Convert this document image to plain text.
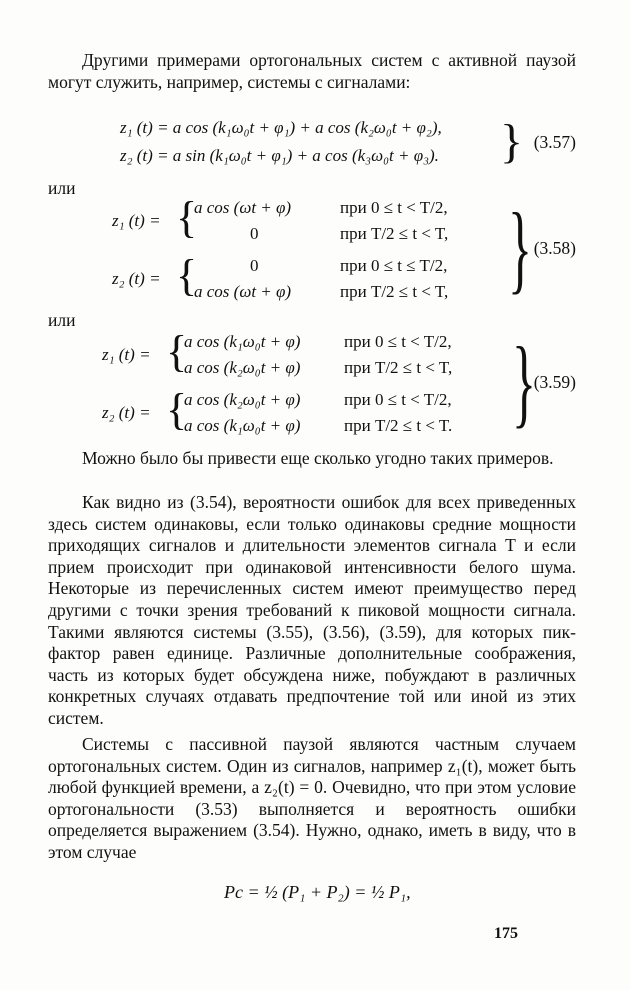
Другими примерами ортогональных систем с активной паузой могут служить, например, системы с сигналами:

z₁ (t) = a cos (k₁ω₀t + φ₁) + a cos (k₂ω₀t + φ₂),
z₂ (t) = a sin (k₁ω₀t + φ₁) + a cos (k₃ω₀t + φ₃). } (3.57)
или
z₁ (t) = {
a cos (ωt + φ)	при 0 ≤ t < T/2,
0	при T/2 ≤ t < T,
z₂ (t) = {	0	при 0 ≤ t ≤ T/2,
a cos (ωt + φ)	при T/2 ≤ t < T, } (3.58)
или
z₁ (t) = {
a cos (k₁ω₀t + φ)	при 0 ≤ t < T/2,
a cos (k₂ω₀t + φ)	при T/2 ≤ t < T,
z₂ (t) = {
a cos (k₂ω₀t + φ)	при 0 ≤ t < T/2,
a cos (k₁ω₀t + φ)	при T/2 ≤ t < T. }
(3.59)

Можно было бы привести еще сколько угодно таких примеров.

Как видно из (3.54), вероятности ошибок для всех приведенных здесь систем одинаковы, если только одинаковы средние мощности приходящих сигналов и длительности элементов сигнала T и если прием происходит при одинаковой интенсивности белого шума. Некоторые из перечисленных систем имеют преимущество перед другими с точки зрения требований к пиковой мощности сигнала. Такими являются системы (3.55), (3.56), (3.59), для которых пик-фактор равен единице. Различные дополнительные соображения, часть из которых будет обсуждена ниже, побуждают в различных конкретных случаях отдавать предпочтение той или иной из этих систем.

Системы с пассивной паузой являются частным случаем ортогональных систем. Один из сигналов, например z₁(t), может быть любой функцией времени, а z₂(t) = 0. Очевидно, что при этом условие ортогональности (3.53) выполняется и вероятность ошибки определяется выражением (3.54). Нужно, однако, иметь в виду, что в этом случае

Pc = ½ (P₁ + P₂) = ½ P₁,
175
